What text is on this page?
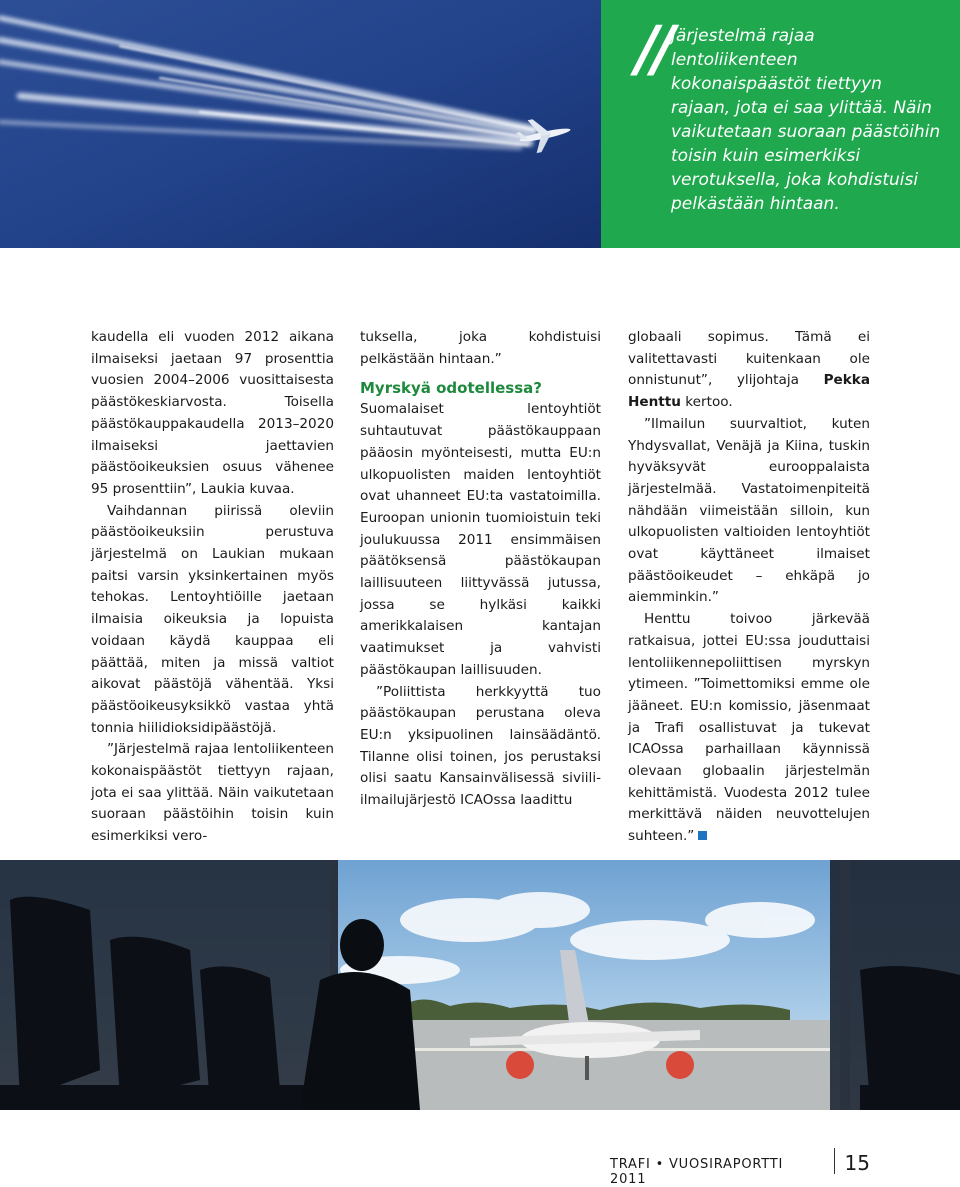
// Järjestelmä rajaa lentoliikenteen kokonaispäästöt tiettyyn rajaan, jota ei saa ylittää. Näin vaikutetaan suoraan päästöihin toisin kuin esimerkiksi verotuksella, joka kohdistuisi pelkästään hintaan.

kaudella eli vuoden 2012 aikana ilmaiseksi jaetaan 97 prosenttia vuosien 2004–2006 vuosittaisesta päästökeskiarvosta. Toisella päästökauppakaudella 2013–2020 ilmaiseksi jaettavien päästöoikeuksien osuus vähenee 95 prosenttiin”, Laukia kuvaa.

Vaihdannan piirissä oleviin päästöoikeuksiin perustuva järjestelmä on Laukian mukaan paitsi varsin yksinkertainen myös tehokas. Lentoyhtiöille jaetaan ilmaisia oikeuksia ja lopuista voidaan käydä kauppaa eli päättää, miten ja missä valtiot aikovat päästöjä vähentää. Yksi päästöoikeusyksikkö vastaa yhtä tonnia hiilidioksidipäästöjä.

”Järjestelmä rajaa lentoliikenteen kokonaispäästöt tiettyyn rajaan, jota ei saa ylittää. Näin vaikutetaan suoraan päästöihin toisin kuin esimerkiksi vero-

tuksella, joka kohdistuisi pelkästään hintaan.”

Myrskyä odotellessa?

Suomalaiset lentoyhtiöt suhtautuvat päästökauppaan pääosin myönteisesti, mutta EU:n ulkopuolisten maiden lentoyhtiöt ovat uhanneet EU:ta vastatoimilla. Euroopan unionin tuomioistuin teki joulukuussa 2011 ensimmäisen päätöksensä päästökaupan laillisuuteen liittyvässä jutussa, jossa se hylkäsi kaikki amerikkalaisen kantajan vaatimukset ja vahvisti päästökaupan laillisuuden.

”Poliittista herkkyyttä tuo päästökaupan perustana oleva EU:n yksipuolinen lainsäädäntö. Tilanne olisi toinen, jos perustaksi olisi saatu Kansainvälisessä siviili-ilmailujärjestö ICAOssa laadittu

globaali sopimus. Tämä ei valitettavasti kuitenkaan ole onnistunut”, ylijohtaja Pekka Henttu kertoo.

”Ilmailun suurvaltiot, kuten Yhdysvallat, Venäjä ja Kiina, tuskin hyväksyvät eurooppalaista järjestelmää. Vastatoimenpiteitä nähdään viimeistään silloin, kun ulkopuolisten valtioiden lentoyhtiöt ovat käyttäneet ilmaiset päästöoikeudet – ehkäpä jo aiemminkin.”

Henttu toivoo järkevää ratkaisua, jottei EU:ssa jouduttaisi lentoliikennepoliittisen myrskyn ytimeen. ”Toimettomiksi emme ole jääneet. EU:n komissio, jäsenmaat ja Trafi osallistuvat ja tukevat ICAOssa parhaillaan käynnissä olevaan globaalin järjestelmän kehittämistä. Vuodesta 2012 tulee merkittävä näiden neuvottelujen suhteen.”

TRAFI • VUOSIRAPORTTI 2011
15
